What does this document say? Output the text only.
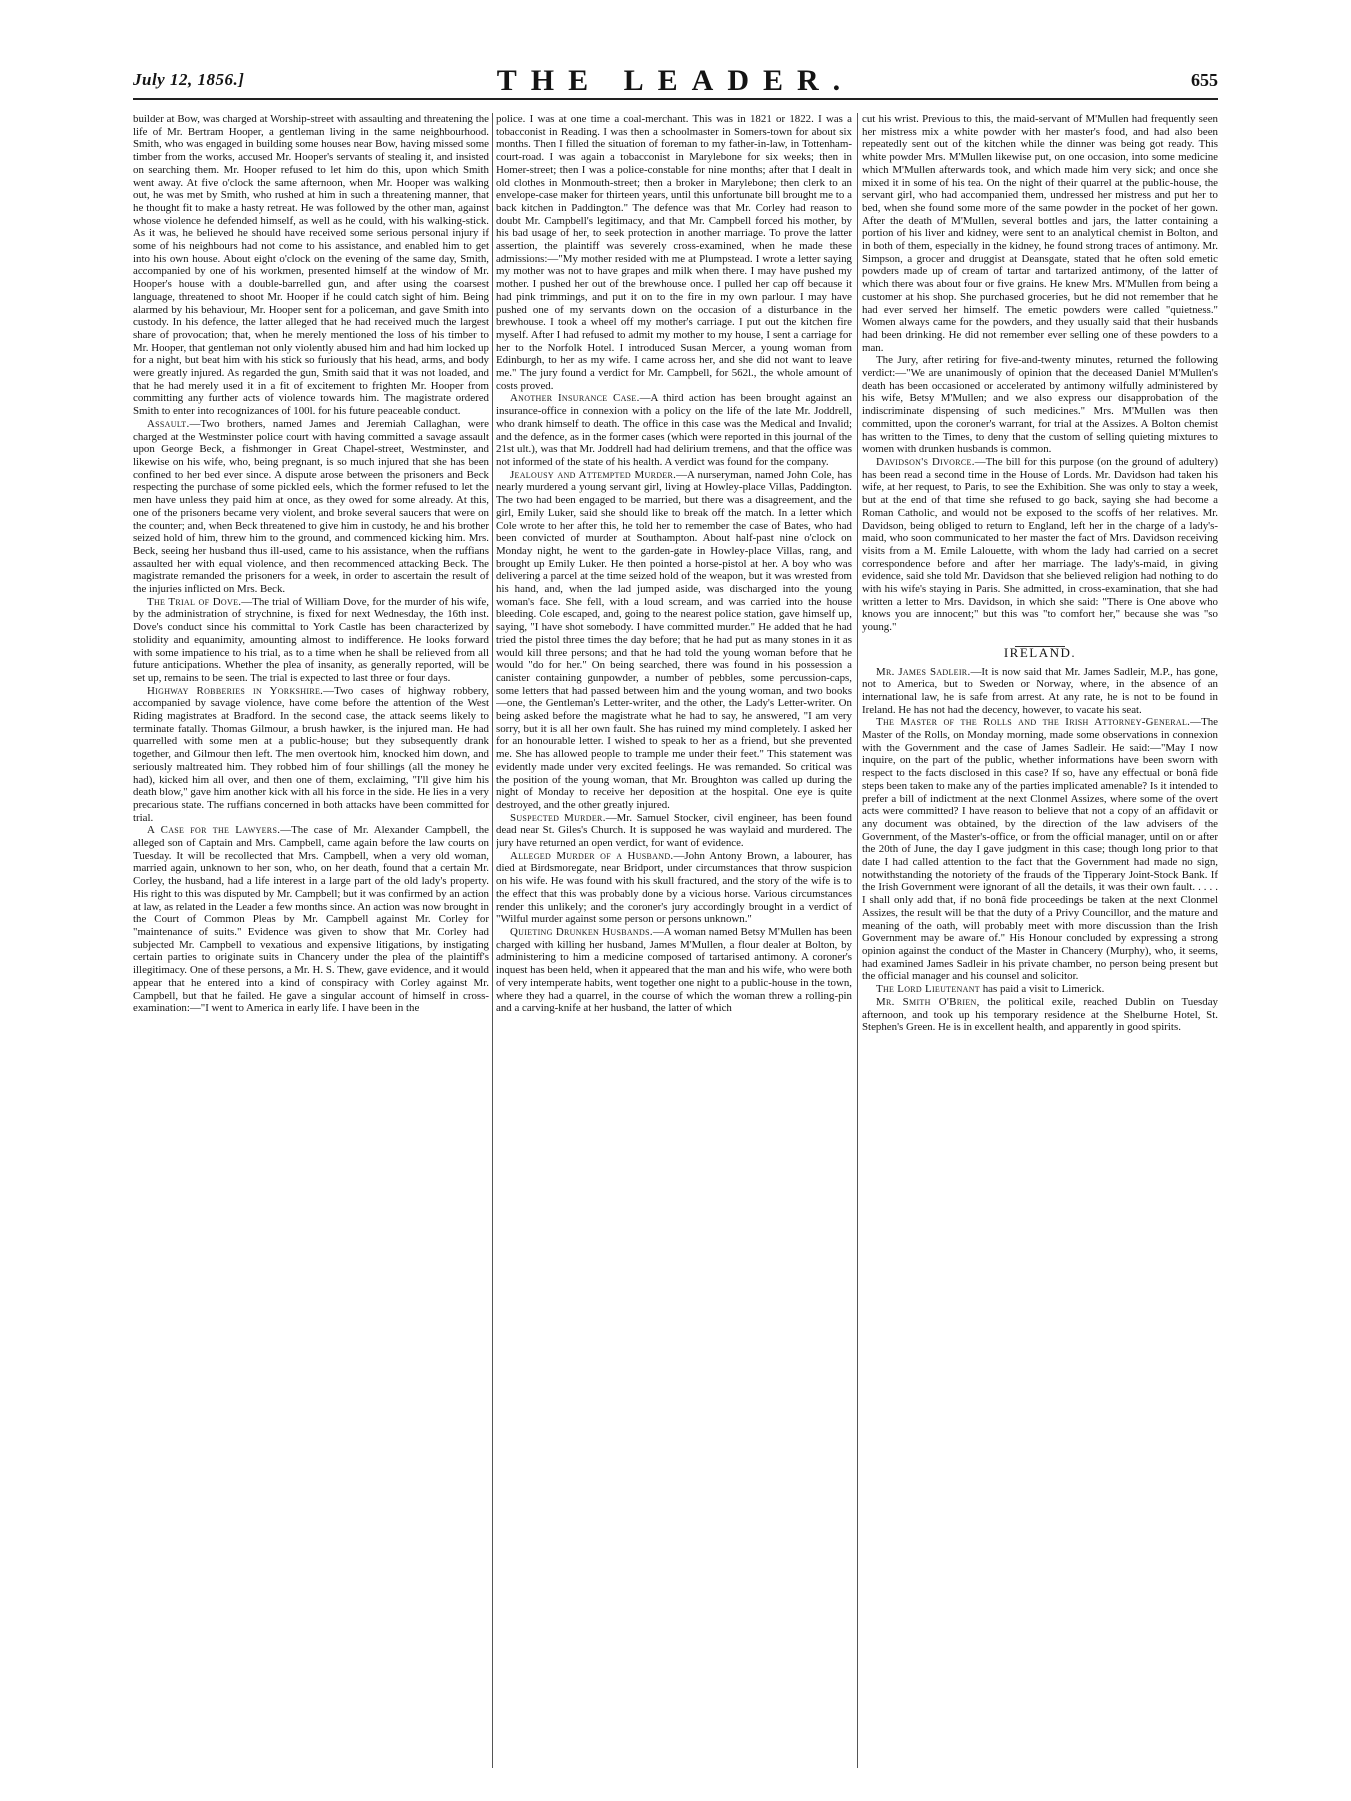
July 12, 1856.]	THE LEADER.	655

builder at Bow, was charged at Worship-street with assaulting and threatening the life of Mr. Bertram Hooper, a gentleman living in the same neighbourhood. Smith, who was engaged in building some houses near Bow, having missed some timber from the works, accused Mr. Hooper's servants of stealing it, and insisted on searching them. Mr. Hooper refused to let him do this, upon which Smith went away. At five o'clock the same afternoon, when Mr. Hooper was walking out, he was met by Smith, who rushed at him in such a threatening manner, that he thought fit to make a hasty retreat. He was followed by the other man, against whose violence he defended himself, as well as he could, with his walking-stick. As it was, he believed he should have received some serious personal injury if some of his neighbours had not come to his assistance, and enabled him to get into his own house. About eight o'clock on the evening of the same day, Smith, accompanied by one of his workmen, presented himself at the window of Mr. Hooper's house with a double-barrelled gun, and after using the coarsest language, threatened to shoot Mr. Hooper if he could catch sight of him. Being alarmed by his behaviour, Mr. Hooper sent for a policeman, and gave Smith into custody. In his defence, the latter alleged that he had received much the largest share of provocation; that, when he merely mentioned the loss of his timber to Mr. Hooper, that gentleman not only violently abused him and had him locked up for a night, but beat him with his stick so furiously that his head, arms, and body were greatly injured. As regarded the gun, Smith said that it was not loaded, and that he had merely used it in a fit of excitement to frighten Mr. Hooper from committing any further acts of violence towards him. The magistrate ordered Smith to enter into recognizances of 100l. for his future peaceable conduct.

Assault.—Two brothers, named James and Jeremiah Callaghan, were charged at the Westminster police court with having committed a savage assault upon George Beck, a fishmonger in Great Chapel-street, Westminster, and likewise on his wife, who, being pregnant, is so much injured that she has been confined to her bed ever since. A dispute arose between the prisoners and Beck respecting the purchase of some pickled eels, which the former refused to let the men have unless they paid him at once, as they owed for some already. At this, one of the prisoners became very violent, and broke several saucers that were on the counter; and, when Beck threatened to give him in custody, he and his brother seized hold of him, threw him to the ground, and commenced kicking him. Mrs. Beck, seeing her husband thus ill-used, came to his assistance, when the ruffians assaulted her with equal violence, and then recommenced attacking Beck. The magistrate remanded the prisoners for a week, in order to ascertain the result of the injuries inflicted on Mrs. Beck.

The Trial of Dove.—The trial of William Dove, for the murder of his wife, by the administration of strychnine, is fixed for next Wednesday, the 16th inst. Dove's conduct since his committal to York Castle has been characterized by stolidity and equanimity, amounting almost to indifference. He looks forward with some impatience to his trial, as to a time when he shall be relieved from all future anticipations. Whether the plea of insanity, as generally reported, will be set up, remains to be seen. The trial is expected to last three or four days.

Highway Robberies in Yorkshire.—Two cases of highway robbery, accompanied by savage violence, have come before the attention of the West Riding magistrates at Bradford. In the second case, the attack seems likely to terminate fatally. Thomas Gilmour, a brush hawker, is the injured man. He had quarrelled with some men at a public-house; but they subsequently drank together, and Gilmour then left. The men overtook him, knocked him down, and seriously maltreated him. They robbed him of four shillings (all the money he had), kicked him all over, and then one of them, exclaiming, "I'll give him his death blow," gave him another kick with all his force in the side. He lies in a very precarious state. The ruffians concerned in both attacks have been committed for trial.

A Case for the Lawyers.—The case of Mr. Alexander Campbell, the alleged son of Captain and Mrs. Campbell, came again before the law courts on Tuesday. It will be recollected that Mrs. Campbell, when a very old woman, married again, unknown to her son, who, on her death, found that a certain Mr. Corley, the husband, had a life interest in a large part of the old lady's property. His right to this was disputed by Mr. Campbell; but it was confirmed by an action at law, as related in the Leader a few months since. An action was now brought in the Court of Common Pleas by Mr. Campbell against Mr. Corley for "maintenance of suits." Evidence was given to show that Mr. Corley had subjected Mr. Campbell to vexatious and expensive litigations, by instigating certain parties to originate suits in Chancery under the plea of the plaintiff's illegitimacy. One of these persons, a Mr. H. S. Thew, gave evidence, and it would appear that he entered into a kind of conspiracy with Corley against Mr. Campbell, but that he failed. He gave a singular account of himself in cross-examination:—"I went to America in early life. I have been in the

police. I was at one time a coal-merchant. This was in 1821 or 1822. I was a tobacconist in Reading. I was then a schoolmaster in Somers-town for about six months. Then I filled the situation of foreman to my father-in-law, in Tottenham-court-road. I was again a tobacconist in Marylebone for six weeks; then in Homer-street; then I was a police-constable for nine months; after that I dealt in old clothes in Monmouth-street; then a broker in Marylebone; then clerk to an envelope-case maker for thirteen years, until this unfortunate bill brought me to a back kitchen in Paddington." The defence was that Mr. Corley had reason to doubt Mr. Campbell's legitimacy, and that Mr. Campbell forced his mother, by his bad usage of her, to seek protection in another marriage. To prove the latter assertion, the plaintiff was severely cross-examined, when he made these admissions:—"My mother resided with me at Plumpstead. I wrote a letter saying my mother was not to have grapes and milk when there. I may have pushed my mother. I pushed her out of the brewhouse once. I pulled her cap off because it had pink trimmings, and put it on to the fire in my own parlour. I may have pushed one of my servants down on the occasion of a disturbance in the brewhouse. I took a wheel off my mother's carriage. I put out the kitchen fire myself. After I had refused to admit my mother to my house, I sent a carriage for her to the Norfolk Hotel. I introduced Susan Mercer, a young woman from Edinburgh, to her as my wife. I came across her, and she did not want to leave me." The jury found a verdict for Mr. Campbell, for 562l., the whole amount of costs proved.

Another Insurance Case.—A third action has been brought against an insurance-office in connexion with a policy on the life of the late Mr. Joddrell, who drank himself to death. The office in this case was the Medical and Invalid; and the defence, as in the former cases (which were reported in this journal of the 21st ult.), was that Mr. Joddrell had had delirium tremens, and that the office was not informed of the state of his health. A verdict was found for the company.

Jealousy and Attempted Murder.—A nurseryman, named John Cole, has nearly murdered a young servant girl, living at Howley-place Villas, Paddington. The two had been engaged to be married, but there was a disagreement, and the girl, Emily Luker, said she should like to break off the match. In a letter which Cole wrote to her after this, he told her to remember the case of Bates, who had been convicted of murder at Southampton. About half-past nine o'clock on Monday night, he went to the garden-gate in Howley-place Villas, rang, and brought up Emily Luker. He then pointed a horse-pistol at her. A boy who was delivering a parcel at the time seized hold of the weapon, but it was wrested from his hand, and, when the lad jumped aside, was discharged into the young woman's face. She fell, with a loud scream, and was carried into the house bleeding. Cole escaped, and, going to the nearest police station, gave himself up, saying, "I have shot somebody. I have committed murder." He added that he had tried the pistol three times the day before; that he had put as many stones in it as would kill three persons; and that he had told the young woman before that he would "do for her." On being searched, there was found in his possession a canister containing gunpowder, a number of pebbles, some percussion-caps, some letters that had passed between him and the young woman, and two books—one, the Gentleman's Letter-writer, and the other, the Lady's Letter-writer. On being asked before the magistrate what he had to say, he answered, "I am very sorry, but it is all her own fault. She has ruined my mind completely. I asked her for an honourable letter. I wished to speak to her as a friend, but she prevented me. She has allowed people to trample me under their feet." This statement was evidently made under very excited feelings. He was remanded. So critical was the position of the young woman, that Mr. Broughton was called up during the night of Monday to receive her deposition at the hospital. One eye is quite destroyed, and the other greatly injured.

Suspected Murder.—Mr. Samuel Stocker, civil engineer, has been found dead near St. Giles's Church. It is supposed he was waylaid and murdered. The jury have returned an open verdict, for want of evidence.

Alleged Murder of a Husband.—John Antony Brown, a labourer, has died at Birdsmoregate, near Bridport, under circumstances that throw suspicion on his wife. He was found with his skull fractured, and the story of the wife is to the effect that this was probably done by a vicious horse. Various circumstances render this unlikely; and the coroner's jury accordingly brought in a verdict of "Wilful murder against some person or persons unknown."

Quieting Drunken Husbands.—A woman named Betsy M'Mullen has been charged with killing her husband, James M'Mullen, a flour dealer at Bolton, by administering to him a medicine composed of tartarised antimony. A coroner's inquest has been held, when it appeared that the man and his wife, who were both of very intemperate habits, went together one night to a public-house in the town, where they had a quarrel, in the course of which the woman threw a rolling-pin and a carving-knife at her husband, the latter of which

cut his wrist. Previous to this, the maid-servant of M'Mullen had frequently seen her mistress mix a white powder with her master's food, and had also been repeatedly sent out of the kitchen while the dinner was being got ready. This white powder Mrs. M'Mullen likewise put, on one occasion, into some medicine which M'Mullen afterwards took, and which made him very sick; and once she mixed it in some of his tea. On the night of their quarrel at the public-house, the servant girl, who had accompanied them, undressed her mistress and put her to bed, when she found some more of the same powder in the pocket of her gown. After the death of M'Mullen, several bottles and jars, the latter containing a portion of his liver and kidney, were sent to an analytical chemist in Bolton, and in both of them, especially in the kidney, he found strong traces of antimony. Mr. Simpson, a grocer and druggist at Deansgate, stated that he often sold emetic powders made up of cream of tartar and tartarized antimony, of the latter of which there was about four or five grains. He knew Mrs. M'Mullen from being a customer at his shop. She purchased groceries, but he did not remember that he had ever served her himself. The emetic powders were called "quietness." Women always came for the powders, and they usually said that their husbands had been drinking. He did not remember ever selling one of these powders to a man.

The Jury, after retiring for five-and-twenty minutes, returned the following verdict:—"We are unanimously of opinion that the deceased Daniel M'Mullen's death has been occasioned or accelerated by antimony wilfully administered by his wife, Betsy M'Mullen; and we also express our disapprobation of the indiscriminate dispensing of such medicines." Mrs. M'Mullen was then committed, upon the coroner's warrant, for trial at the Assizes. A Bolton chemist has written to the Times, to deny that the custom of selling quieting mixtures to women with drunken husbands is common.

Davidson's Divorce.—The bill for this purpose (on the ground of adultery) has been read a second time in the House of Lords. Mr. Davidson had taken his wife, at her request, to Paris, to see the Exhibition. She was only to stay a week, but at the end of that time she refused to go back, saying she had become a Roman Catholic, and would not be exposed to the scoffs of her relatives. Mr. Davidson, being obliged to return to England, left her in the charge of a lady's-maid, who soon communicated to her master the fact of Mrs. Davidson receiving visits from a M. Emile Lalouette, with whom the lady had carried on a secret correspondence before and after her marriage. The lady's-maid, in giving evidence, said she told Mr. Davidson that she believed religion had nothing to do with his wife's staying in Paris. She admitted, in cross-examination, that she had written a letter to Mrs. Davidson, in which she said: "There is One above who knows you are innocent;" but this was "to comfort her," because she was "so young."

IRELAND.

Mr. James Sadleir.—It is now said that Mr. James Sadleir, M.P., has gone, not to America, but to Sweden or Norway, where, in the absence of an international law, he is safe from arrest. At any rate, he is not to be found in Ireland. He has not had the decency, however, to vacate his seat.

The Master of the Rolls and the Irish Attorney-General.—The Master of the Rolls, on Monday morning, made some observations in connexion with the Government and the case of James Sadleir. He said:—"May I now inquire, on the part of the public, whether informations have been sworn with respect to the facts disclosed in this case? If so, have any effectual or bonâ fide steps been taken to make any of the parties implicated amenable? Is it intended to prefer a bill of indictment at the next Clonmel Assizes, where some of the overt acts were committed? I have reason to believe that not a copy of an affidavit or any document was obtained, by the direction of the law advisers of the Government, of the Master's-office, or from the official manager, until on or after the 20th of June, the day I gave judgment in this case; though long prior to that date I had called attention to the fact that the Government had made no sign, notwithstanding the notoriety of the frauds of the Tipperary Joint-Stock Bank. If the Irish Government were ignorant of all the details, it was their own fault. . . . . I shall only add that, if no bonâ fide proceedings be taken at the next Clonmel Assizes, the result will be that the duty of a Privy Councillor, and the mature and meaning of the oath, will probably meet with more discussion than the Irish Government may be aware of." His Honour concluded by expressing a strong opinion against the conduct of the Master in Chancery (Murphy), who, it seems, had examined James Sadleir in his private chamber, no person being present but the official manager and his counsel and solicitor.

The Lord Lieutenant has paid a visit to Limerick.

Mr. Smith O'Brien, the political exile, reached Dublin on Tuesday afternoon, and took up his temporary residence at the Shelburne Hotel, St. Stephen's Green. He is in excellent health, and apparently in good spirits.
